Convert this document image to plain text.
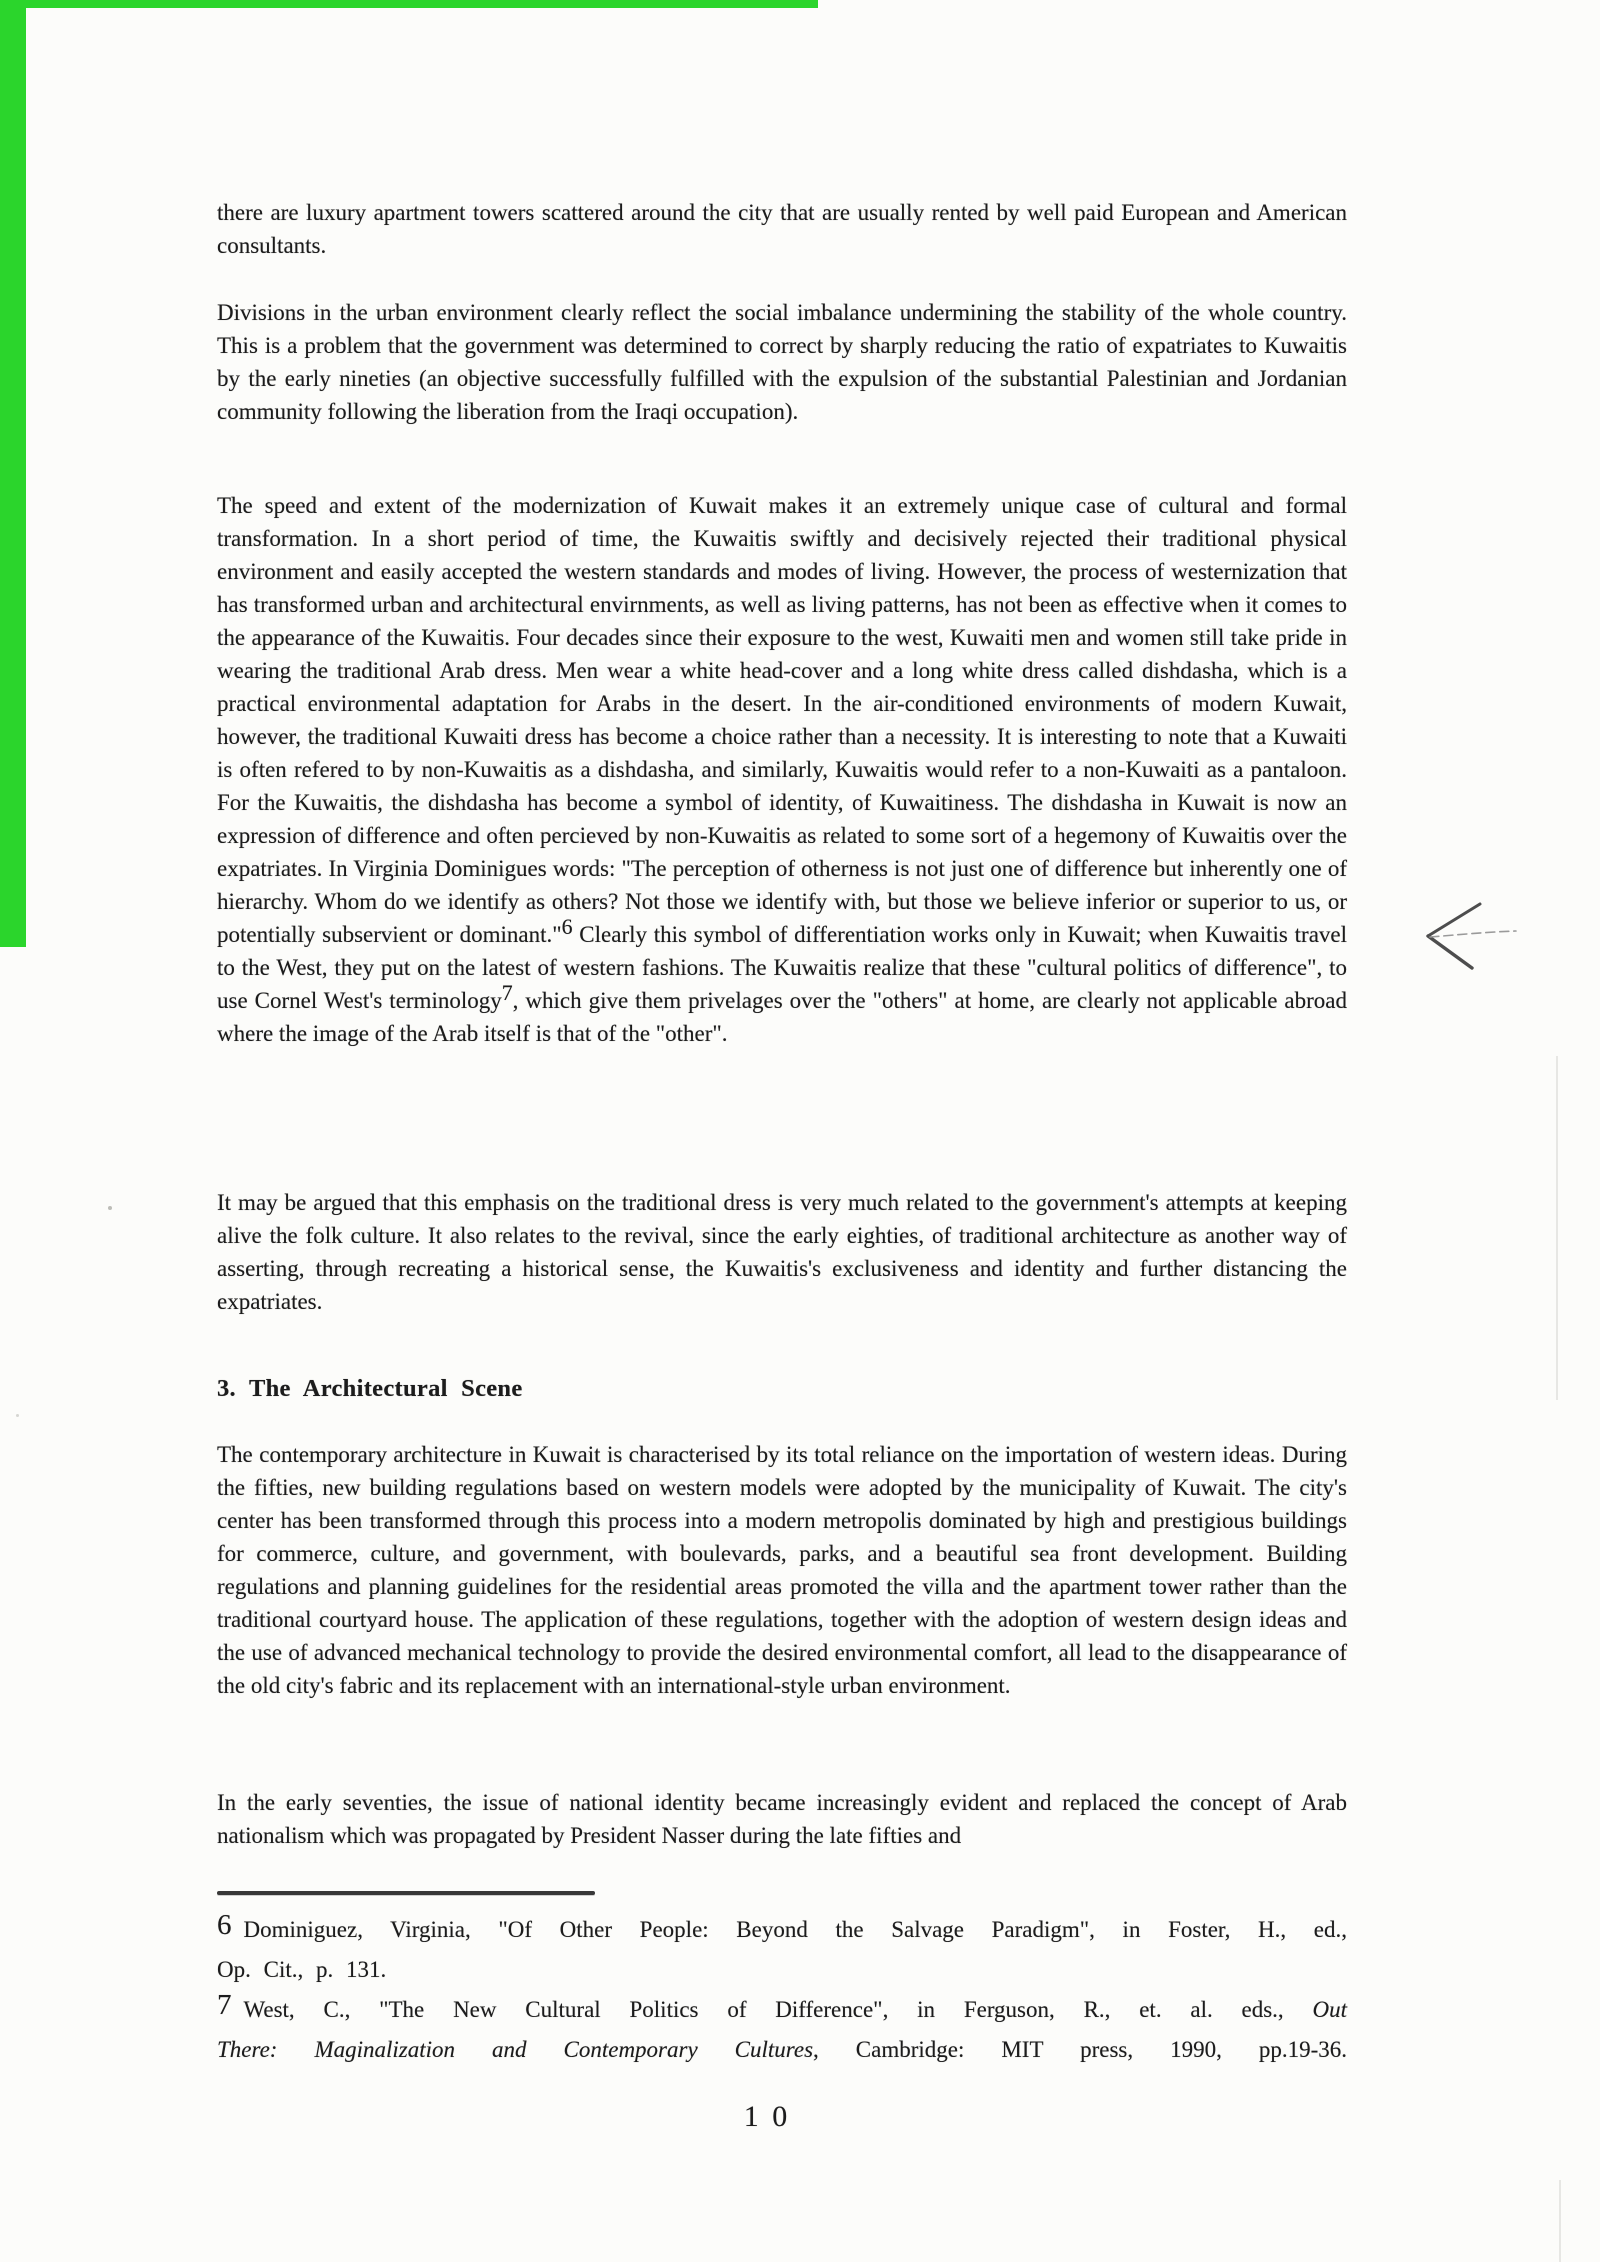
there are luxury apartment towers scattered around the city that are usually rented by well paid European and American consultants.
Divisions in the urban environment clearly reflect the social imbalance undermining the stability of the whole country. This is a problem that the government was determined to correct by sharply reducing the ratio of expatriates to Kuwaitis by the early nineties (an objective successfully fulfilled with the expulsion of the substantial Palestinian and Jordanian community following the liberation from the Iraqi occupation).
The speed and extent of the modernization of Kuwait makes it an extremely unique case of cultural and formal transformation. In a short period of time, the Kuwaitis swiftly and decisively rejected their traditional physical environment and easily accepted the western standards and modes of living. However, the process of westernization that has transformed urban and architectural envirnments, as well as living patterns, has not been as effective when it comes to the appearance of the Kuwaitis. Four decades since their exposure to the west, Kuwaiti men and women still take pride in wearing the traditional Arab dress. Men wear a white head-cover and a long white dress called dishdasha, which is a practical environmental adaptation for Arabs in the desert. In the air-conditioned environments of modern Kuwait, however, the traditional Kuwaiti dress has become a choice rather than a necessity. It is interesting to note that a Kuwaiti is often refered to by non-Kuwaitis as a dishdasha, and similarly, Kuwaitis would refer to a non-Kuwaiti as a pantaloon. For the Kuwaitis, the dishdasha has become a symbol of identity, of Kuwaitiness. The dishdasha in Kuwait is now an expression of difference and often percieved by non-Kuwaitis as related to some sort of a hegemony of Kuwaitis over the expatriates. In Virginia Dominigues words: "The perception of otherness is not just one of difference but inherently one of hierarchy. Whom do we identify as others? Not those we identify with, but those we believe inferior or superior to us, or potentially subservient or dominant."6 Clearly this symbol of differentiation works only in Kuwait; when Kuwaitis travel to the West, they put on the latest of western fashions. The Kuwaitis realize that these "cultural politics of difference", to use Cornel West's terminology7, which give them privelages over the "others" at home, are clearly not applicable abroad where the image of the Arab itself is that of the "other".
It may be argued that this emphasis on the traditional dress is very much related to the government's attempts at keeping alive the folk culture. It also relates to the revival, since the early eighties, of traditional architecture as another way of asserting, through recreating a historical sense, the Kuwaitis's exclusiveness and identity and further distancing the expatriates.
3. The Architectural Scene
The contemporary architecture in Kuwait is characterised by its total reliance on the importation of western ideas. During the fifties, new building regulations based on western models were adopted by the municipality of Kuwait. The city's center has been transformed through this process into a modern metropolis dominated by high and prestigious buildings for commerce, culture, and government, with boulevards, parks, and a beautiful sea front development. Building regulations and planning guidelines for the residential areas promoted the villa and the apartment tower rather than the traditional courtyard house. The application of these regulations, together with the adoption of western design ideas and the use of advanced mechanical technology to provide the desired environmental comfort, all lead to the disappearance of the old city's fabric and its replacement with an international-style urban environment.
In the early seventies, the issue of national identity became increasingly evident and replaced the concept of Arab nationalism which was propagated by President Nasser during the late fifties and
6 Dominiguez, Virginia, "Of Other People: Beyond the Salvage Paradigm", in Foster, H., ed.,
Op. Cit., p. 131.
7 West, C., "The New Cultural Politics of Difference", in Ferguson, R., et. al. eds., Out
There: Maginalization and Contemporary Cultures, Cambridge: MIT press, 1990, pp.19-36.
1 0
